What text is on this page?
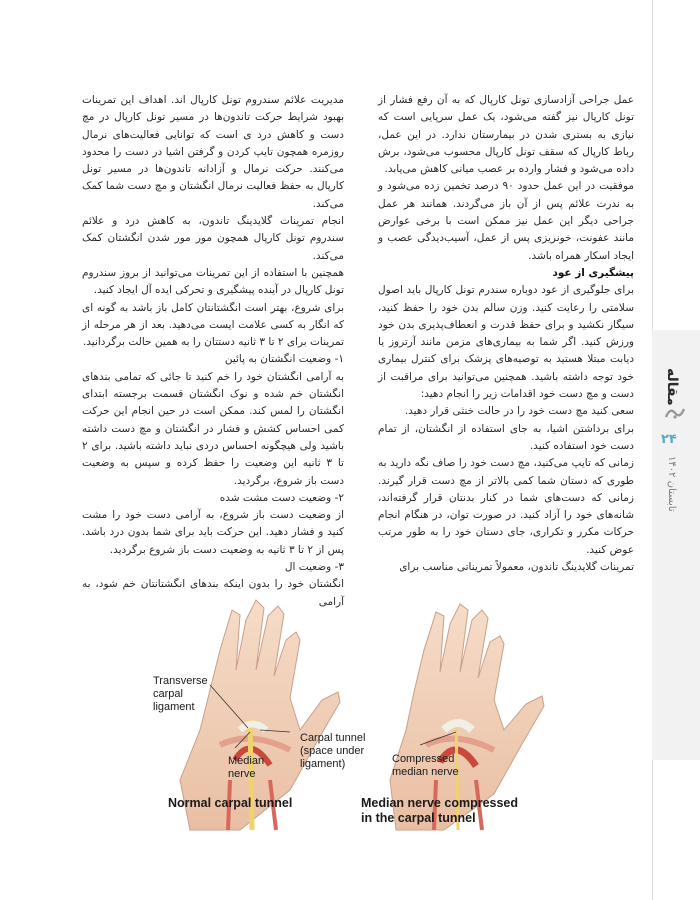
مقاله
۲۴
تابستان ۱۴۰۲

عمل جراحی آزادسازی تونل کارپال که به آن رفع فشار از تونل کارپال نیز گفته می‌شود، یک عمل سرپایی است که نیازی به بستری شدن در بیمارستان ندارد. در این عمل، رباط کارپال که سقف تونل کارپال محسوب می‌شود، برش داده می‌شود و فشار وارده بر عصب میانی کاهش می‌یابد.

موفقیت در این عمل حدود ۹۰ درصد تخمین زده می‌شود و به ندرت علائم پس از آن باز می‌گردند. همانند هر عمل جراحی دیگر این عمل نیز ممکن است با برخی عوارض مانند عفونت، خونریزی پس از عمل، آسیب‌دیدگی عصب و ایجاد اسکار همراه باشد.

پیشگیری از عود

برای جلوگیری از عود دوباره سندرم تونل کارپال باید اصول سلامتی را رعایت کنید. وزن سالم بدن خود را حفظ کنید، سیگار نکشید و برای حفظ قدرت و انعطاف‌پذیری بدن خود ورزش کنید. اگر شما به بیماری‌های مزمن مانند آرتروز یا دیابت مبتلا هستید به توصیه‌های پزشک برای کنترل بیماری خود توجه داشته باشید. همچنین می‌توانید برای مراقبت از دست و مچ دست خود اقدامات زیر را انجام دهید:

سعی کنید مچ دست خود را در حالت خنثی قرار دهید.

برای برداشتن اشیا، به جای استفاده از انگشتان، از تمام دست خود استفاده کنید.

زمانی که تایپ می‌کنید، مچ دست خود را صاف نگه دارید به طوری که دستان شما کمی بالاتر از مچ دست قرار گیرند. زمانی که دست‌های شما در کنار بدنتان قرار گرفته‌اند، شانه‌های خود را آزاد کنید. در صورت توان، در هنگام انجام حرکات مکرر و تکراری، جای دستان خود را به طور مرتب عوض کنید.

تمرینات گلایدینگ تاندون، معمولاً تمریناتی مناسب برای

مدیریت علائم سندروم تونل کارپال اند. اهداف این تمرینات بهبود شرایط حرکت تاندون‌ها در مسیر تونل کارپال در مچ دست و کاهش درد ی است که توانایی فعالیت‌های نرمال روزمره همچون تایپ کردن و گرفتن اشیا در دست را محدود می‌کنند. حرکت نرمال و آزادانه تاندون‌ها در مسیر تونل کارپال به حفظ فعالیت نرمال انگشتان و مچ دست شما کمک می‌کند.

انجام تمرینات گلایدینگ تاندون، به کاهش درد و علائم سندروم تونل کارپال همچون مور مور شدن انگشتان کمک می‌کند.

همچنین با استفاده از این تمرینات می‌توانید از بروز سندروم تونل کارپال در آینده پیشگیری و تحرکی ایده آل ایجاد کنید.

برای شروع، بهتر است انگشتانتان کامل باز باشد به گونه ای که انگار به کسی علامت ایست می‌دهید. بعد از هر مرحله از تمرینات برای ۲ تا ۳ ثانیه دستتان را به همین حالت برگردانید.

۱- وضعیت انگشتان به پائین

به آرامی انگشتان خود را خم کنید تا جائی که تمامی بندهای انگشتان خم شده و نوک انگشتان قسمت برجسته ابتدای انگشتان را لمس کند. ممکن است در حین انجام این حرکت کمی احساس کشش و فشار در انگشتان و مچ دست داشته باشید ولی هیچگونه احساس دردی نباید داشته باشید. برای ۲ تا ۳ ثانیه این وضعیت را حفظ کرده و سپس به وضعیت دست باز شروع، برگردید.

۲- وضعیت دست مشت شده

از وضعیت دست باز شروع، به آرامی دست خود را مشت کنید و فشار دهید. این حرکت باید برای شما بدون درد باشد. پس از ۲ تا ۳ ثانیه به وضعیت دست باز شروع برگردید.

۳- وضعیت ال

انگشتان خود را بدون اینکه بندهای انگشتانتان خم شود، به آرامی

Transverse
carpal
ligament
Median
nerve
Carpal tunnel
(space under
ligament)	Compressed
median nerve
Normal carpal tunnel	Median nerve compressed
in the carpal tunnel
